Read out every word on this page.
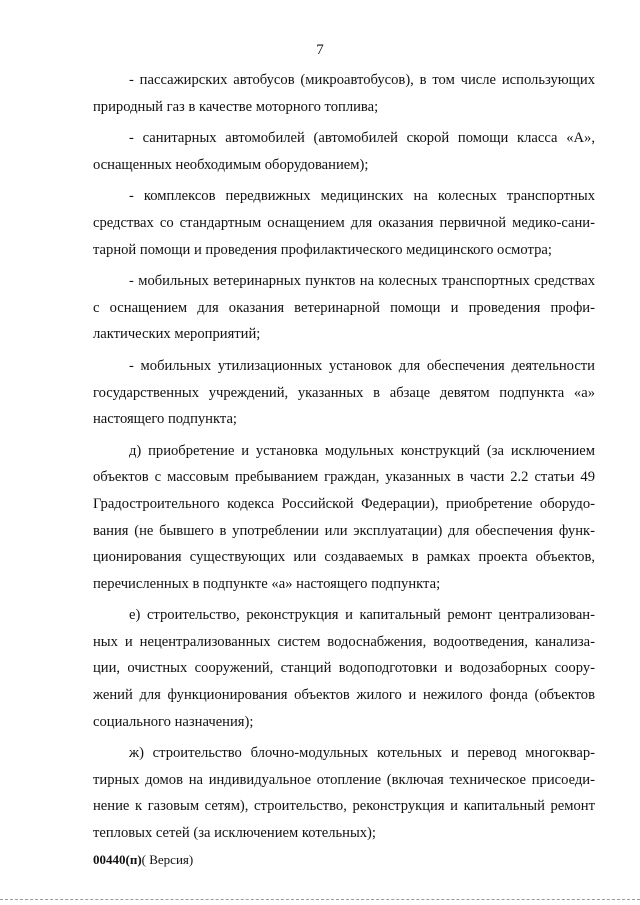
7

- пассажирских автобусов (микроавтобусов), в том числе использующих природный газ в качестве моторного топлива;

- санитарных автомобилей (автомобилей скорой помощи класса «А», оснащенных необходимым оборудованием);

- комплексов передвижных медицинских на колесных транспортных средствах со стандартным оснащением для оказания первичной медико-санитарной помощи и проведения профилактического медицинского осмотра;

- мобильных ветеринарных пунктов на колесных транспортных средствах с оснащением для оказания ветеринарной помощи и проведения профилактических мероприятий;

- мобильных утилизационных установок для обеспечения деятельности государственных учреждений, указанных в абзаце девятом подпункта «а» настоящего подпункта;

д) приобретение и установка модульных конструкций (за исключением объектов с массовым пребыванием граждан, указанных в части 2.2 статьи 49 Градостроительного кодекса Российской Федерации), приобретение оборудования (не бывшего в употреблении или эксплуатации) для обеспечения функционирования существующих или создаваемых в рамках проекта объектов, перечисленных в подпункте «а» настоящего подпункта;

е) строительство, реконструкция и капитальный ремонт централизованных и нецентрализованных систем водоснабжения, водоотведения, канализации, очистных сооружений, станций водоподготовки и водозаборных сооружений для функционирования объектов жилого и нежилого фонда (объектов социального назначения);

ж) строительство блочно-модульных котельных и перевод многоквартирных домов на индивидуальное отопление (включая техническое присоединение к газовым сетям), строительство, реконструкция и капитальный ремонт тепловых сетей (за исключением котельных);

00440(п)( Версия)
